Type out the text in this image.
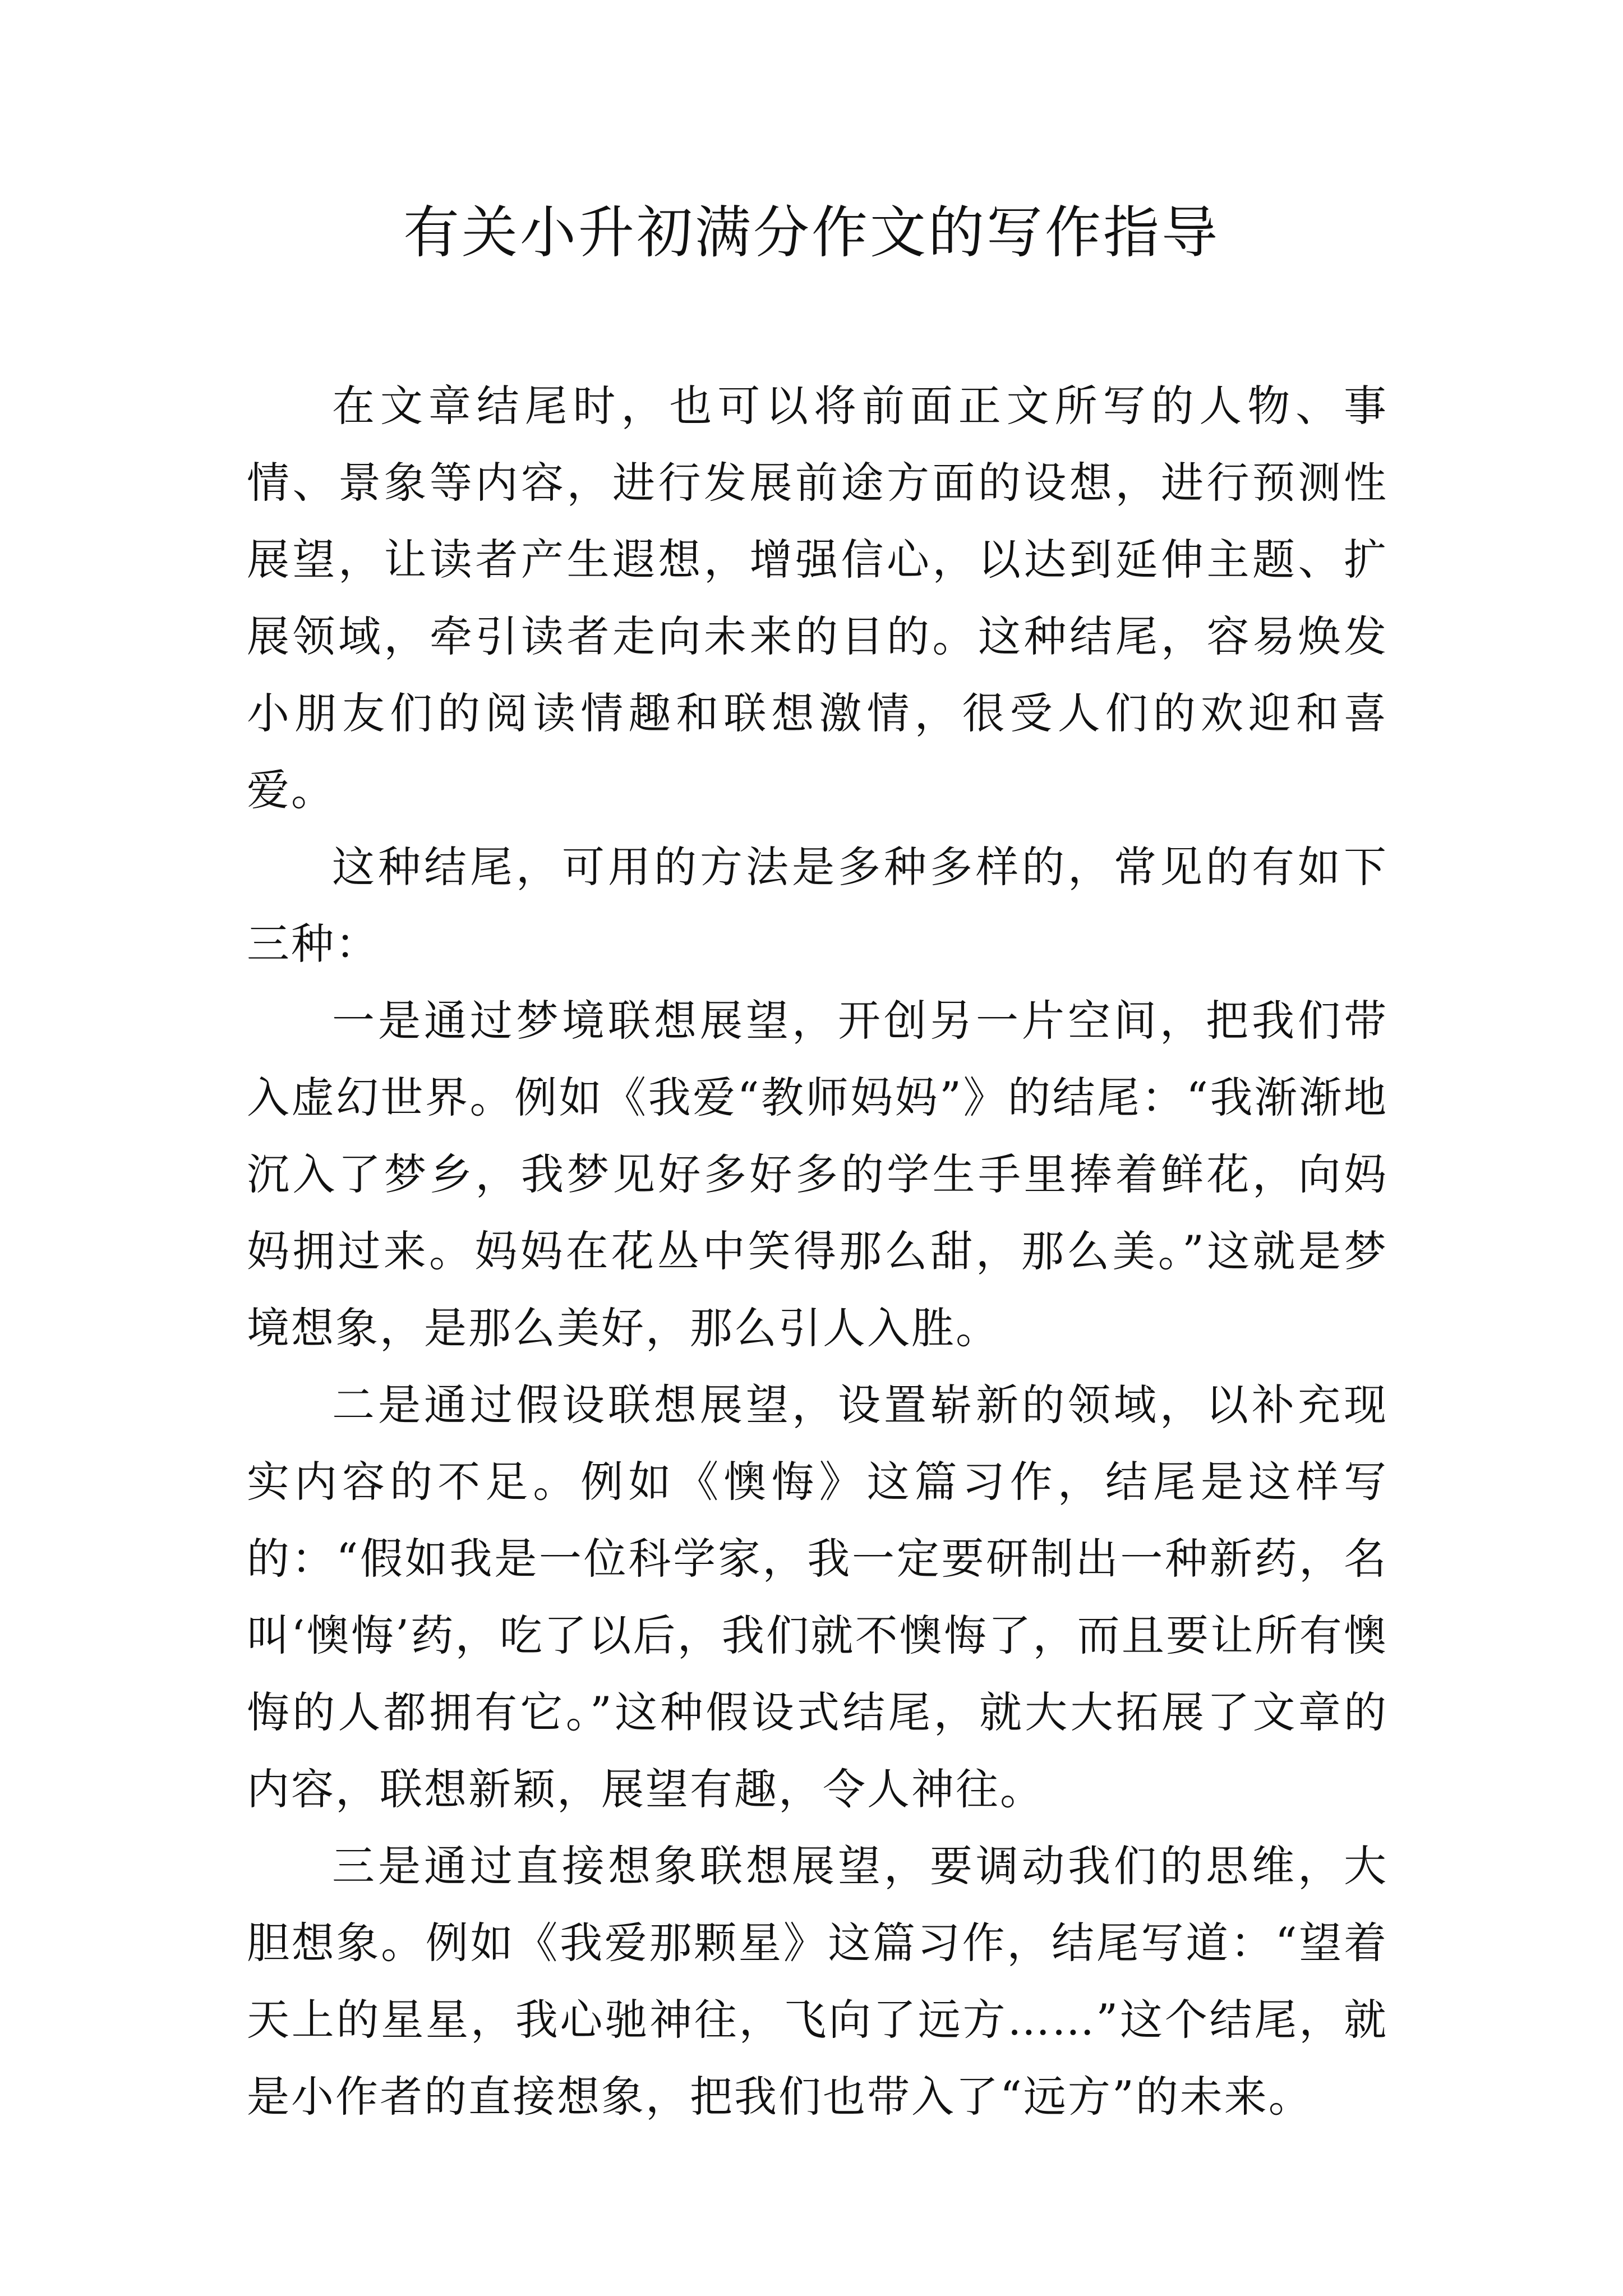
有关小升初满分作文的写作指导

在文章结尾时，也可以将前面正文所写的人物、事情、景象等内容，进行发展前途方面的设想，进行预测性展望，让读者产生遐想，增强信心，以达到延伸主题、扩展领域，牵引读者走向未来的目的。这种结尾，容易焕发小朋友们的阅读情趣和联想激情，很受人们的欢迎和喜爱。

这种结尾，可用的方法是多种多样的，常见的有如下三种：

一是通过梦境联想展望，开创另一片空间，把我们带入虚幻世界。例如《我爱“教师妈妈”》的结尾：“我渐渐地沉入了梦乡，我梦见好多好多的学生手里捧着鲜花，向妈妈拥过来。妈妈在花丛中笑得那么甜，那么美。”这就是梦境想象，是那么美好，那么引人入胜。

二是通过假设联想展望，设置崭新的领域，以补充现实内容的不足。例如《懊悔》这篇习作，结尾是这样写的：“假如我是一位科学家，我一定要研制出一种新药，名叫‘懊悔’药，吃了以后，我们就不懊悔了，而且要让所有懊悔的人都拥有它。”这种假设式结尾，就大大拓展了文章的内容，联想新颖，展望有趣，令人神往。

三是通过直接想象联想展望，要调动我们的思维，大胆想象。例如《我爱那颗星》这篇习作，结尾写道：“望着天上的星星，我心驰神往，飞向了远方……”这个结尾，就是小作者的直接想象，把我们也带入了“远方”的未来。
